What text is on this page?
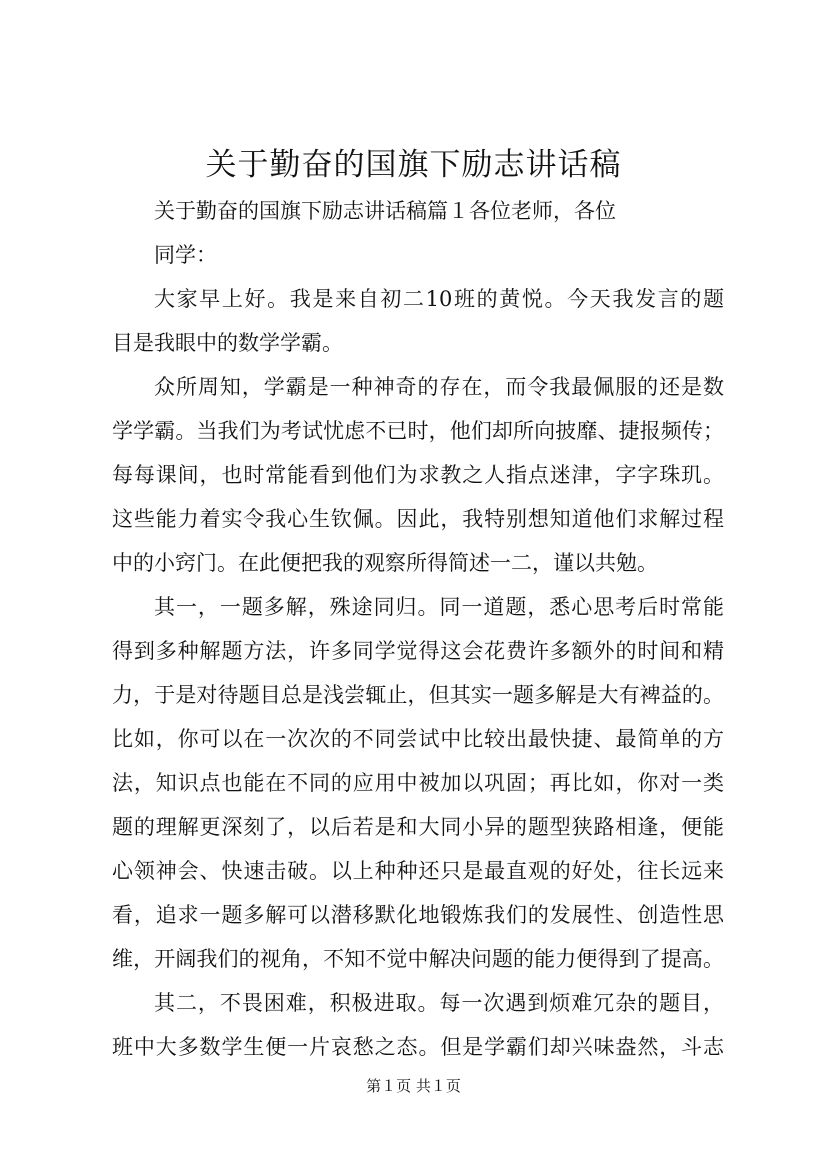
关于勤奋的国旗下励志讲话稿
关于勤奋的国旗下励志讲话稿篇１各位老师，各位
同学：
大家早上好。我是来自初二10班的黄悦。今天我发言的题
目是我眼中的数学学霸。
众所周知，学霸是一种神奇的存在，而令我最佩服的还是数
学学霸。当我们为考试忧虑不已时，他们却所向披靡、捷报频传；
每每课间，也时常能看到他们为求教之人指点迷津，字字珠玑。
这些能力着实令我心生钦佩。因此，我特别想知道他们求解过程
中的小窍门。在此便把我的观察所得简述一二，谨以共勉。
其一，一题多解，殊途同归。同一道题，悉心思考后时常能
得到多种解题方法，许多同学觉得这会花费许多额外的时间和精
力，于是对待题目总是浅尝辄止，但其实一题多解是大有裨益的。
比如，你可以在一次次的不同尝试中比较出最快捷、最简单的方
法，知识点也能在不同的应用中被加以巩固；再比如，你对一类
题的理解更深刻了，以后若是和大同小异的题型狭路相逢，便能
心领神会、快速击破。以上种种还只是最直观的好处，往长远来
看，追求一题多解可以潜移默化地锻炼我们的发展性、创造性思
维，开阔我们的视角，不知不觉中解决问题的能力便得到了提高。
其二，不畏困难，积极进取。每一次遇到烦难冗杂的题目，
班中大多数学生便一片哀愁之态。但是学霸们却兴味盎然，斗志
第１页 共１页
